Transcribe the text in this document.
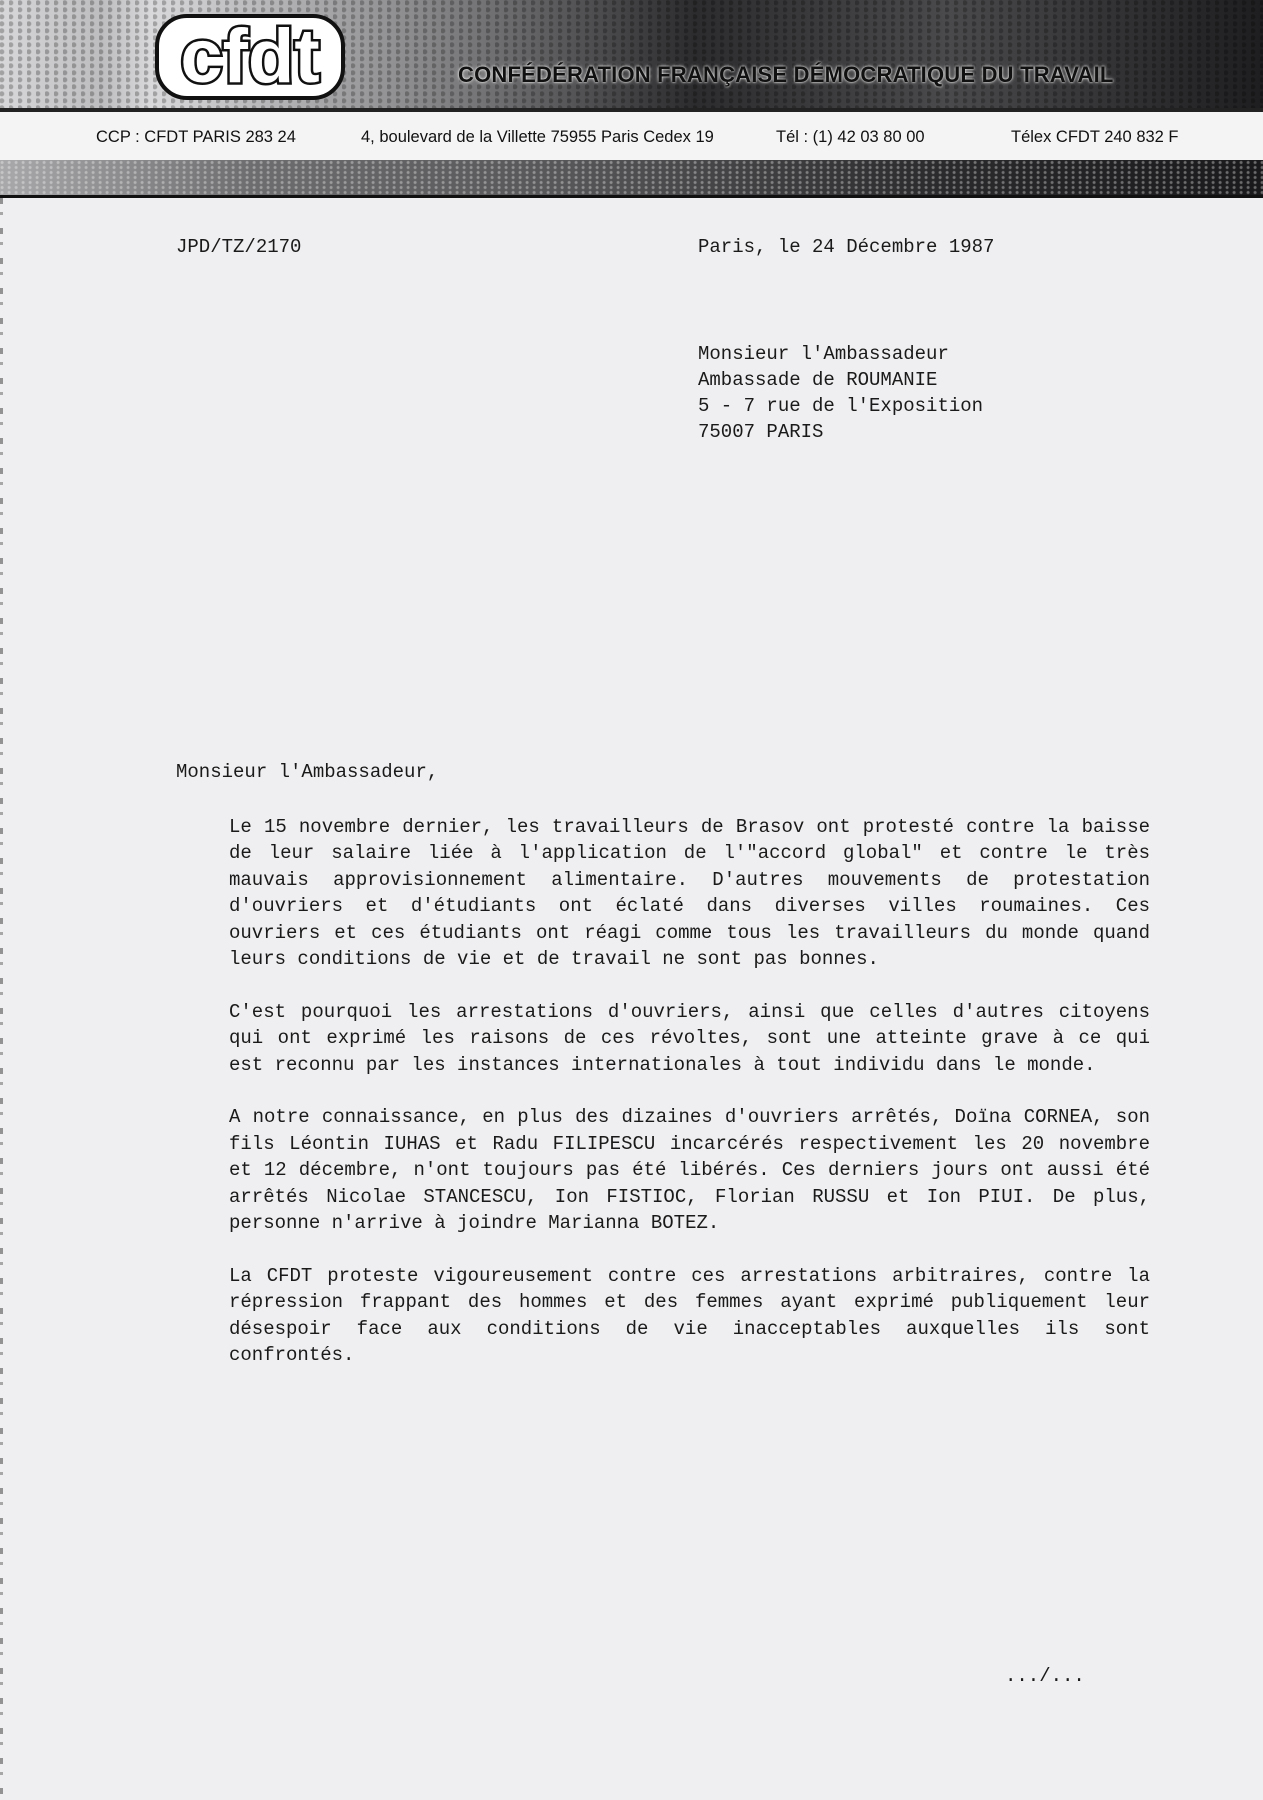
cfdt	CONFÉDÉRATION FRANÇAISE DÉMOCRATIQUE DU TRAVAIL
CCP : CFDT PARIS 283 24	4, boulevard de la Villette 75955 Paris Cedex 19	Tél : (1) 42 03 80 00	Télex CFDT 240 832 F
JPD/TZ/2170	Paris, le 24 Décembre 1987
Monsieur l'Ambassadeur
Ambassade de ROUMANIE
5 - 7 rue de l'Exposition
75007 PARIS
Monsieur l'Ambassadeur,

Le 15 novembre dernier, les travailleurs de Brasov ont protesté contre la baisse de leur salaire liée à l'application de l'"accord global" et contre le très mauvais approvisionnement alimentaire. D'autres mouvements de protestation d'ouvriers et d'étudiants ont éclaté dans diverses villes roumaines. Ces ouvriers et ces étudiants ont réagi comme tous les travailleurs du monde quand leurs conditions de vie et de travail ne sont pas bonnes.

C'est pourquoi les arrestations d'ouvriers, ainsi que celles d'autres citoyens qui ont exprimé les raisons de ces révoltes, sont une atteinte grave à ce qui est reconnu par les instances internationales à tout individu dans le monde.

A notre connaissance, en plus des dizaines d'ouvriers arrêtés, Doïna CORNEA, son fils Léontin IUHAS et Radu FILIPESCU incarcérés respectivement les 20 novembre et 12 décembre, n'ont toujours pas été libérés. Ces derniers jours ont aussi été arrêtés Nicolae STANCESCU, Ion FISTIOC, Florian RUSSU et Ion PIUI. De plus, personne n'arrive à joindre Marianna BOTEZ.

La CFDT proteste vigoureusement contre ces arrestations arbitraires, contre la répression frappant des hommes et des femmes ayant exprimé publiquement leur désespoir face aux conditions de vie inacceptables auxquelles ils sont confrontés.

.../...
